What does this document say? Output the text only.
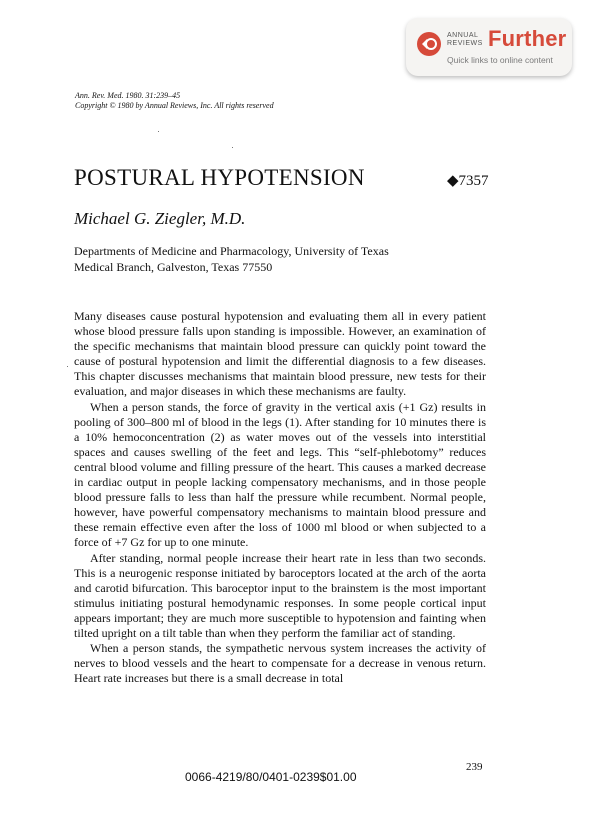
ANNUAL
REVIEWS Further
Quick links to online content
Ann. Rev. Med. 1980. 31:239–45
Copyright © 1980 by Annual Reviews, Inc. All rights reserved
POSTURAL HYPOTENSION	◆7357
Michael G. Ziegler, M.D.
Departments of Medicine and Pharmacology, University of Texas
Medical Branch, Galveston, Texas 77550

Many diseases cause postural hypotension and evaluating them all in every patient whose blood pressure falls upon standing is impossible. However, an examination of the specific mechanisms that maintain blood pressure can quickly point toward the cause of postural hypotension and limit the differential diagnosis to a few diseases. This chapter discusses mechanisms that maintain blood pressure, new tests for their evaluation, and major diseases in which these mechanisms are faulty.

When a person stands, the force of gravity in the vertical axis (+1 Gz) results in pooling of 300–800 ml of blood in the legs (1). After standing for 10 minutes there is a 10% hemoconcentration (2) as water moves out of the vessels into interstitial spaces and causes swelling of the feet and legs. This “self-phlebotomy” reduces central blood volume and filling pressure of the heart. This causes a marked decrease in cardiac output in people lacking compensatory mechanisms, and in those people blood pressure falls to less than half the pressure while recumbent. Normal people, however, have powerful compensatory mechanisms to maintain blood pressure and these remain effective even after the loss of 1000 ml blood or when subjected to a force of +7 Gz for up to one minute.

After standing, normal people increase their heart rate in less than two seconds. This is a neurogenic response initiated by baroceptors located at the arch of the aorta and carotid bifurcation. This baroceptor input to the brainstem is the most important stimulus initiating postural hemodynamic responses. In some people cortical input appears important; they are much more susceptible to hypotension and fainting when tilted upright on a tilt table than when they perform the familiar act of standing.

When a person stands, the sympathetic nervous system increases the activity of nerves to blood vessels and the heart to compensate for a decrease in venous return. Heart rate increases but there is a small decrease in total

239
0066-4219/80/0401-0239$01.00
